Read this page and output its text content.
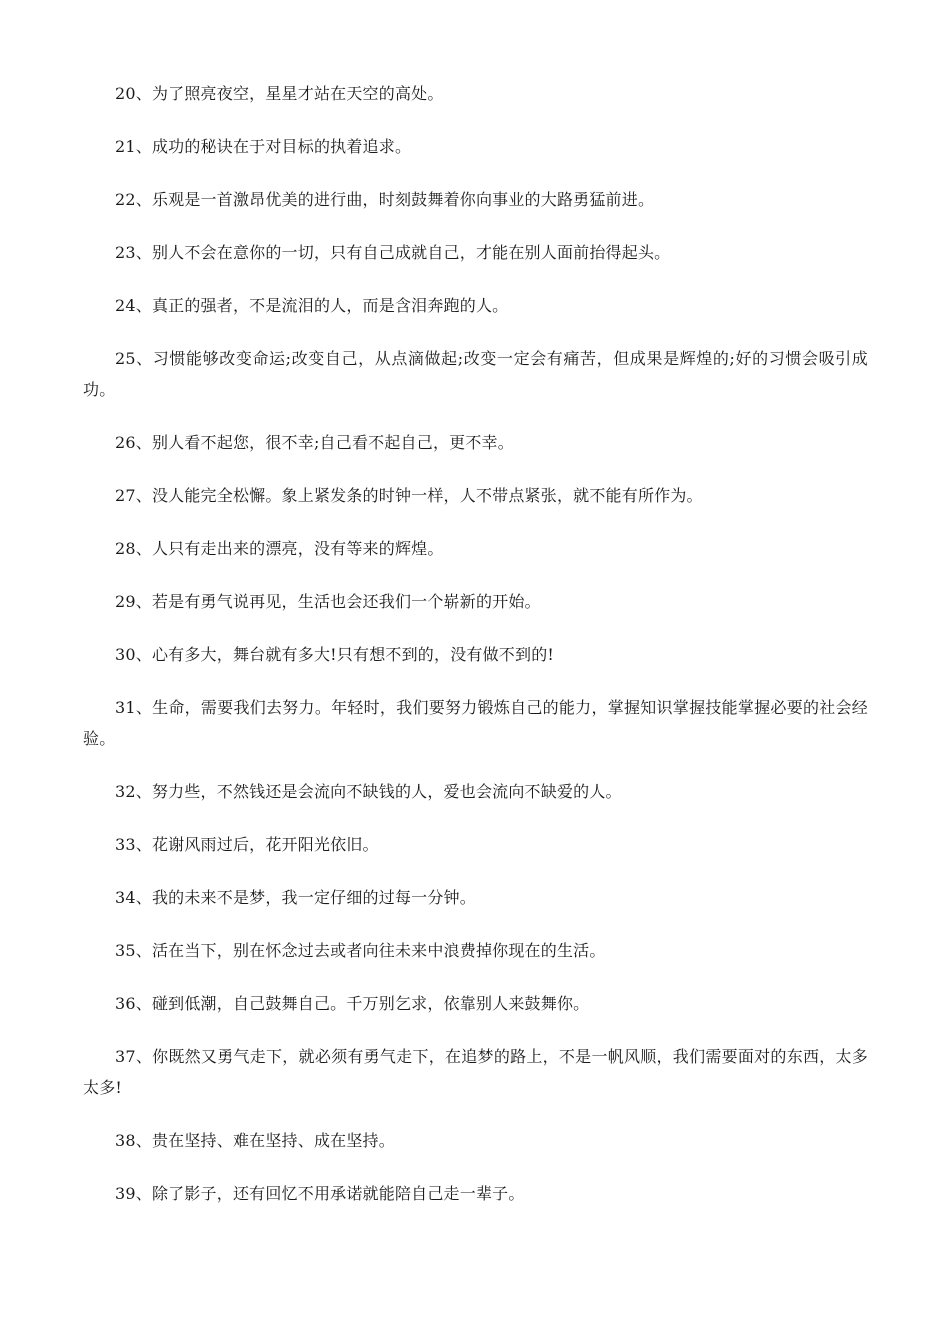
20、为了照亮夜空，星星才站在天空的高处。

21、成功的秘诀在于对目标的执着追求。

22、乐观是一首激昂优美的进行曲，时刻鼓舞着你向事业的大路勇猛前进。

23、别人不会在意你的一切，只有自己成就自己，才能在别人面前抬得起头。

24、真正的强者，不是流泪的人，而是含泪奔跑的人。

25、习惯能够改变命运;改变自己，从点滴做起;改变一定会有痛苦，但成果是辉煌的;好的习惯会吸引成功。

26、别人看不起您，很不幸;自己看不起自己，更不幸。

27、没人能完全松懈。象上紧发条的时钟一样，人不带点紧张，就不能有所作为。

28、人只有走出来的漂亮，没有等来的辉煌。

29、若是有勇气说再见，生活也会还我们一个崭新的开始。

30、心有多大，舞台就有多大!只有想不到的，没有做不到的!

31、生命，需要我们去努力。年轻时，我们要努力锻炼自己的能力，掌握知识掌握技能掌握必要的社会经验。

32、努力些，不然钱还是会流向不缺钱的人，爱也会流向不缺爱的人。

33、花谢风雨过后，花开阳光依旧。

34、我的未来不是梦，我一定仔细的过每一分钟。

35、活在当下，别在怀念过去或者向往未来中浪费掉你现在的生活。

36、碰到低潮，自己鼓舞自己。千万别乞求，依靠别人来鼓舞你。

37、你既然又勇气走下，就必须有勇气走下，在追梦的路上，不是一帆风顺，我们需要面对的东西，太多太多!

38、贵在坚持、难在坚持、成在坚持。

39、除了影子，还有回忆不用承诺就能陪自己走一辈子。
